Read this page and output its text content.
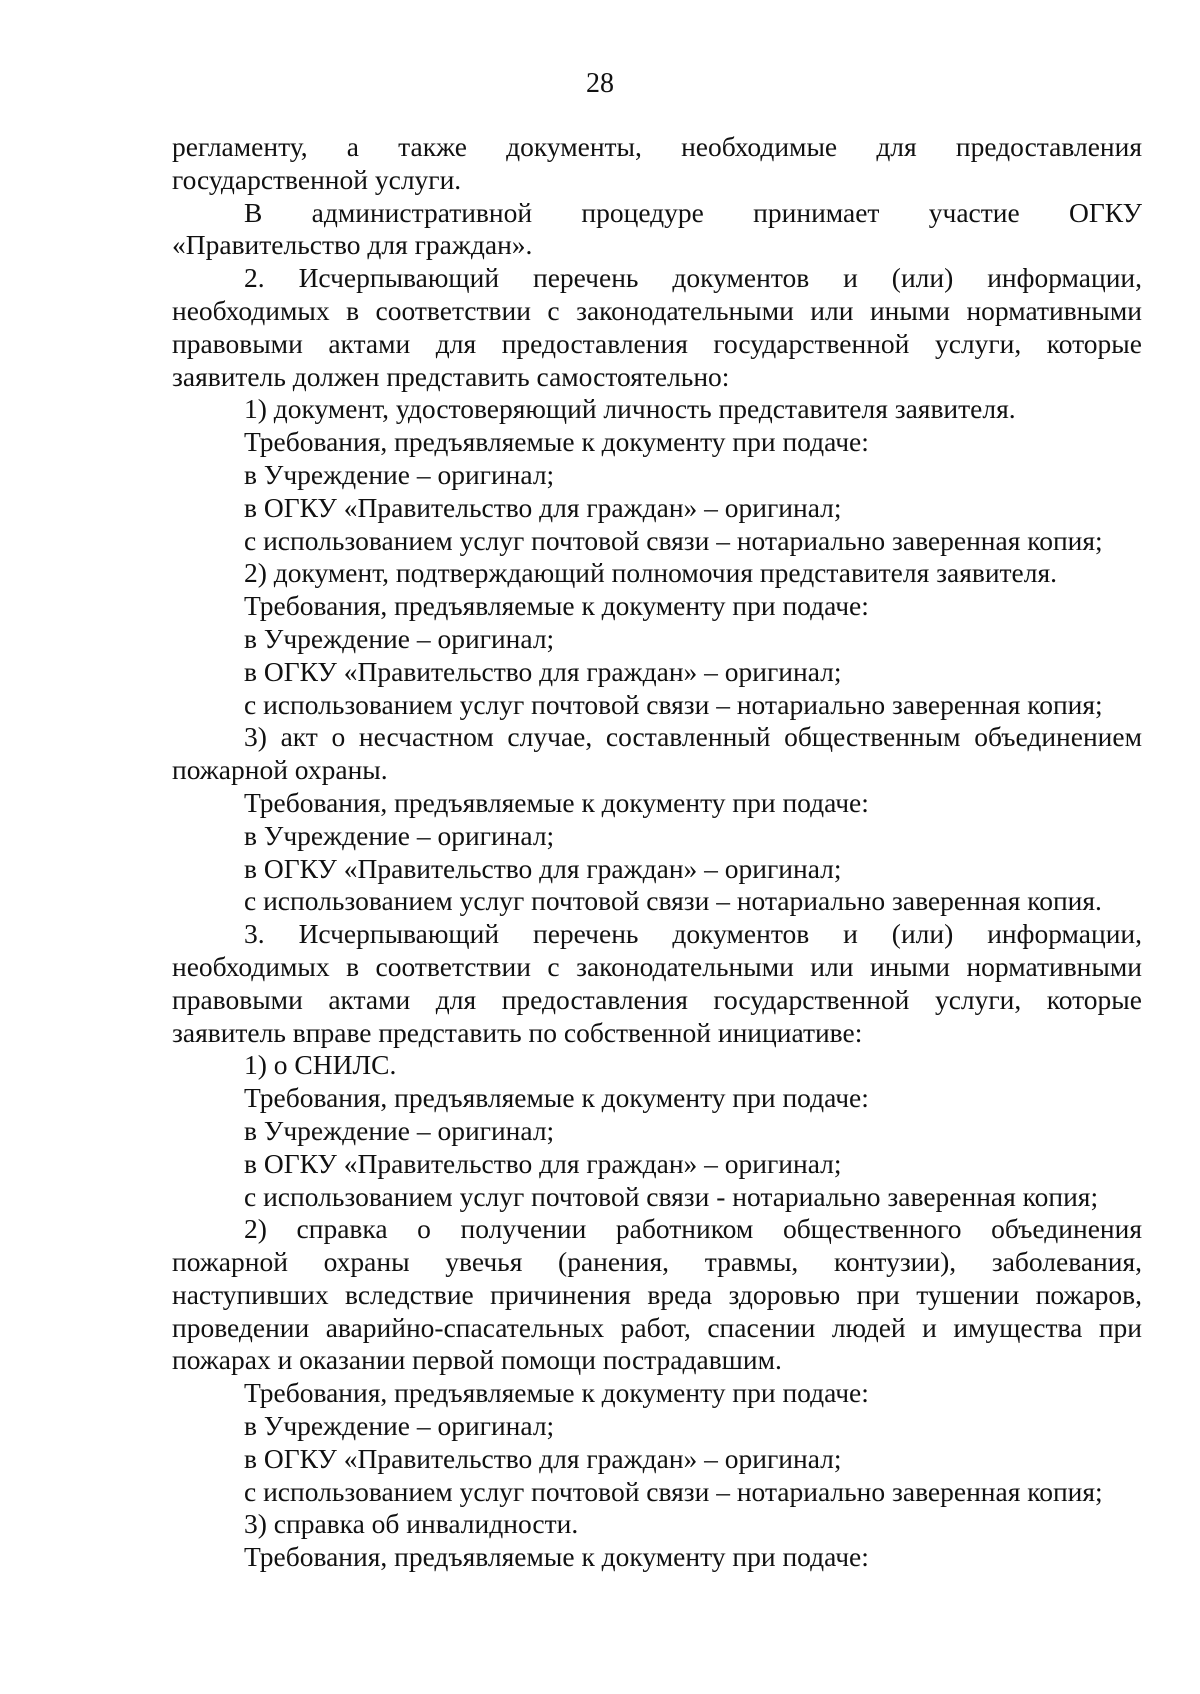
28
регламенту, а также документы, необходимые для предоставления
государственной услуги.
В административной процедуре принимает участие ОГКУ
«Правительство для граждан».
2. Исчерпывающий перечень документов и (или) информации,
необходимых в соответствии с законодательными или иными нормативными
правовыми актами для предоставления государственной услуги, которые
заявитель должен представить самостоятельно:
1) документ, удостоверяющий личность представителя заявителя.
Требования, предъявляемые к документу при подаче:
в Учреждение – оригинал;
в ОГКУ «Правительство для граждан» – оригинал;
с использованием услуг почтовой связи – нотариально заверенная копия;
2) документ, подтверждающий полномочия представителя заявителя.
Требования, предъявляемые к документу при подаче:
в Учреждение – оригинал;
в ОГКУ «Правительство для граждан» – оригинал;
с использованием услуг почтовой связи – нотариально заверенная копия;
3) акт о несчастном случае, составленный общественным объединением
пожарной охраны.
Требования, предъявляемые к документу при подаче:
в Учреждение – оригинал;
в ОГКУ «Правительство для граждан» – оригинал;
с использованием услуг почтовой связи – нотариально заверенная копия.
3. Исчерпывающий перечень документов и (или) информации,
необходимых в соответствии с законодательными или иными нормативными
правовыми актами для предоставления государственной услуги, которые
заявитель вправе представить по собственной инициативе:
1) о СНИЛС.
Требования, предъявляемые к документу при подаче:
в Учреждение – оригинал;
в ОГКУ «Правительство для граждан» – оригинал;
с использованием услуг почтовой связи - нотариально заверенная копия;
2) справка о получении работником общественного объединения
пожарной охраны увечья (ранения, травмы, контузии), заболевания,
наступивших вследствие причинения вреда здоровью при тушении пожаров,
проведении аварийно-спасательных работ, спасении людей и имущества при
пожарах и оказании первой помощи пострадавшим.
Требования, предъявляемые к документу при подаче:
в Учреждение – оригинал;
в ОГКУ «Правительство для граждан» – оригинал;
с использованием услуг почтовой связи – нотариально заверенная копия;
3) справка об инвалидности.
Требования, предъявляемые к документу при подаче:
